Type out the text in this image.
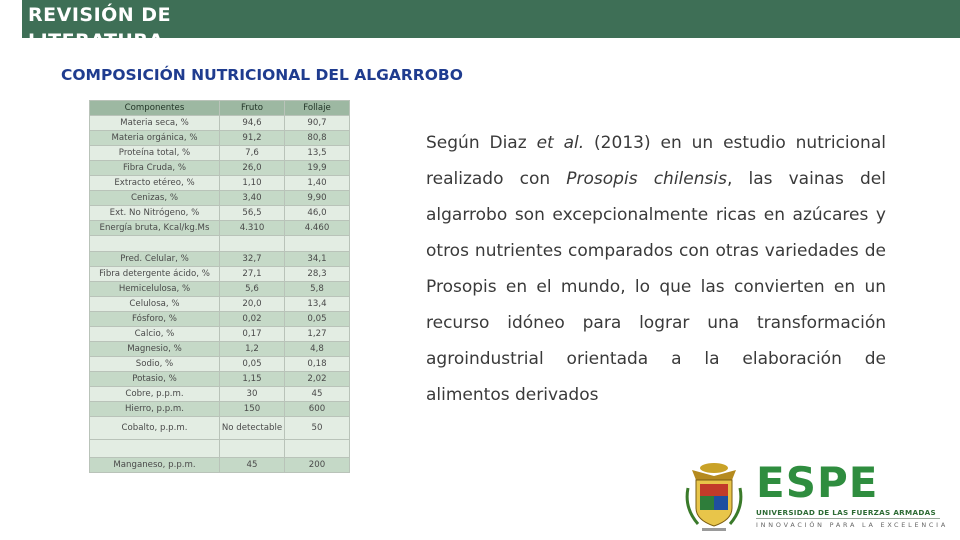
REVISIÓN DE LITERATURA
COMPOSICIÓN NUTRICIONAL DEL ALGARROBO
Componentes	Fruto	Follaje
Materia seca, %	94,6	90,7
Materia orgánica, %	91,2	80,8
Proteína total, %	7,6	13,5
Fibra Cruda, %	26,0	19,9
Extracto etéreo, %	1,10	1,40
Cenizas, %	3,40	9,90
Ext. No Nitrógeno, %	56,5	46,0
Energía bruta, Kcal/kg.Ms	4.310	4.460

Pred. Celular, %	32,7	34,1
Fibra detergente ácido, %	27,1	28,3
Hemicelulosa, %	5,6	5,8
Celulosa, %	20,0	13,4
Fósforo, %	0,02	0,05
Calcio, %	0,17	1,27
Magnesio, %	1,2	4,8
Sodio, %	0,05	0,18
Potasio, %	1,15	2,02
Cobre, p.p.m.	30	45
Hierro, p.p.m.	150	600
Cobalto, p.p.m.	No detectable	50

Manganeso, p.p.m.	45	200
Según Diaz et al. (2013) en un estudio nutricional realizado con Prosopis chilensis, las vainas del algarrobo son excepcionalmente ricas en azúcares y otros nutrientes comparados con otras variedades de Prosopis en el mundo, lo que las convierten en un recurso idóneo para lograr una transformación agroindustrial orientada a la elaboración de alimentos derivados
ESPE
UNIVERSIDAD DE LAS FUERZAS ARMADAS
INNOVACIÓN PARA LA EXCELENCIA
